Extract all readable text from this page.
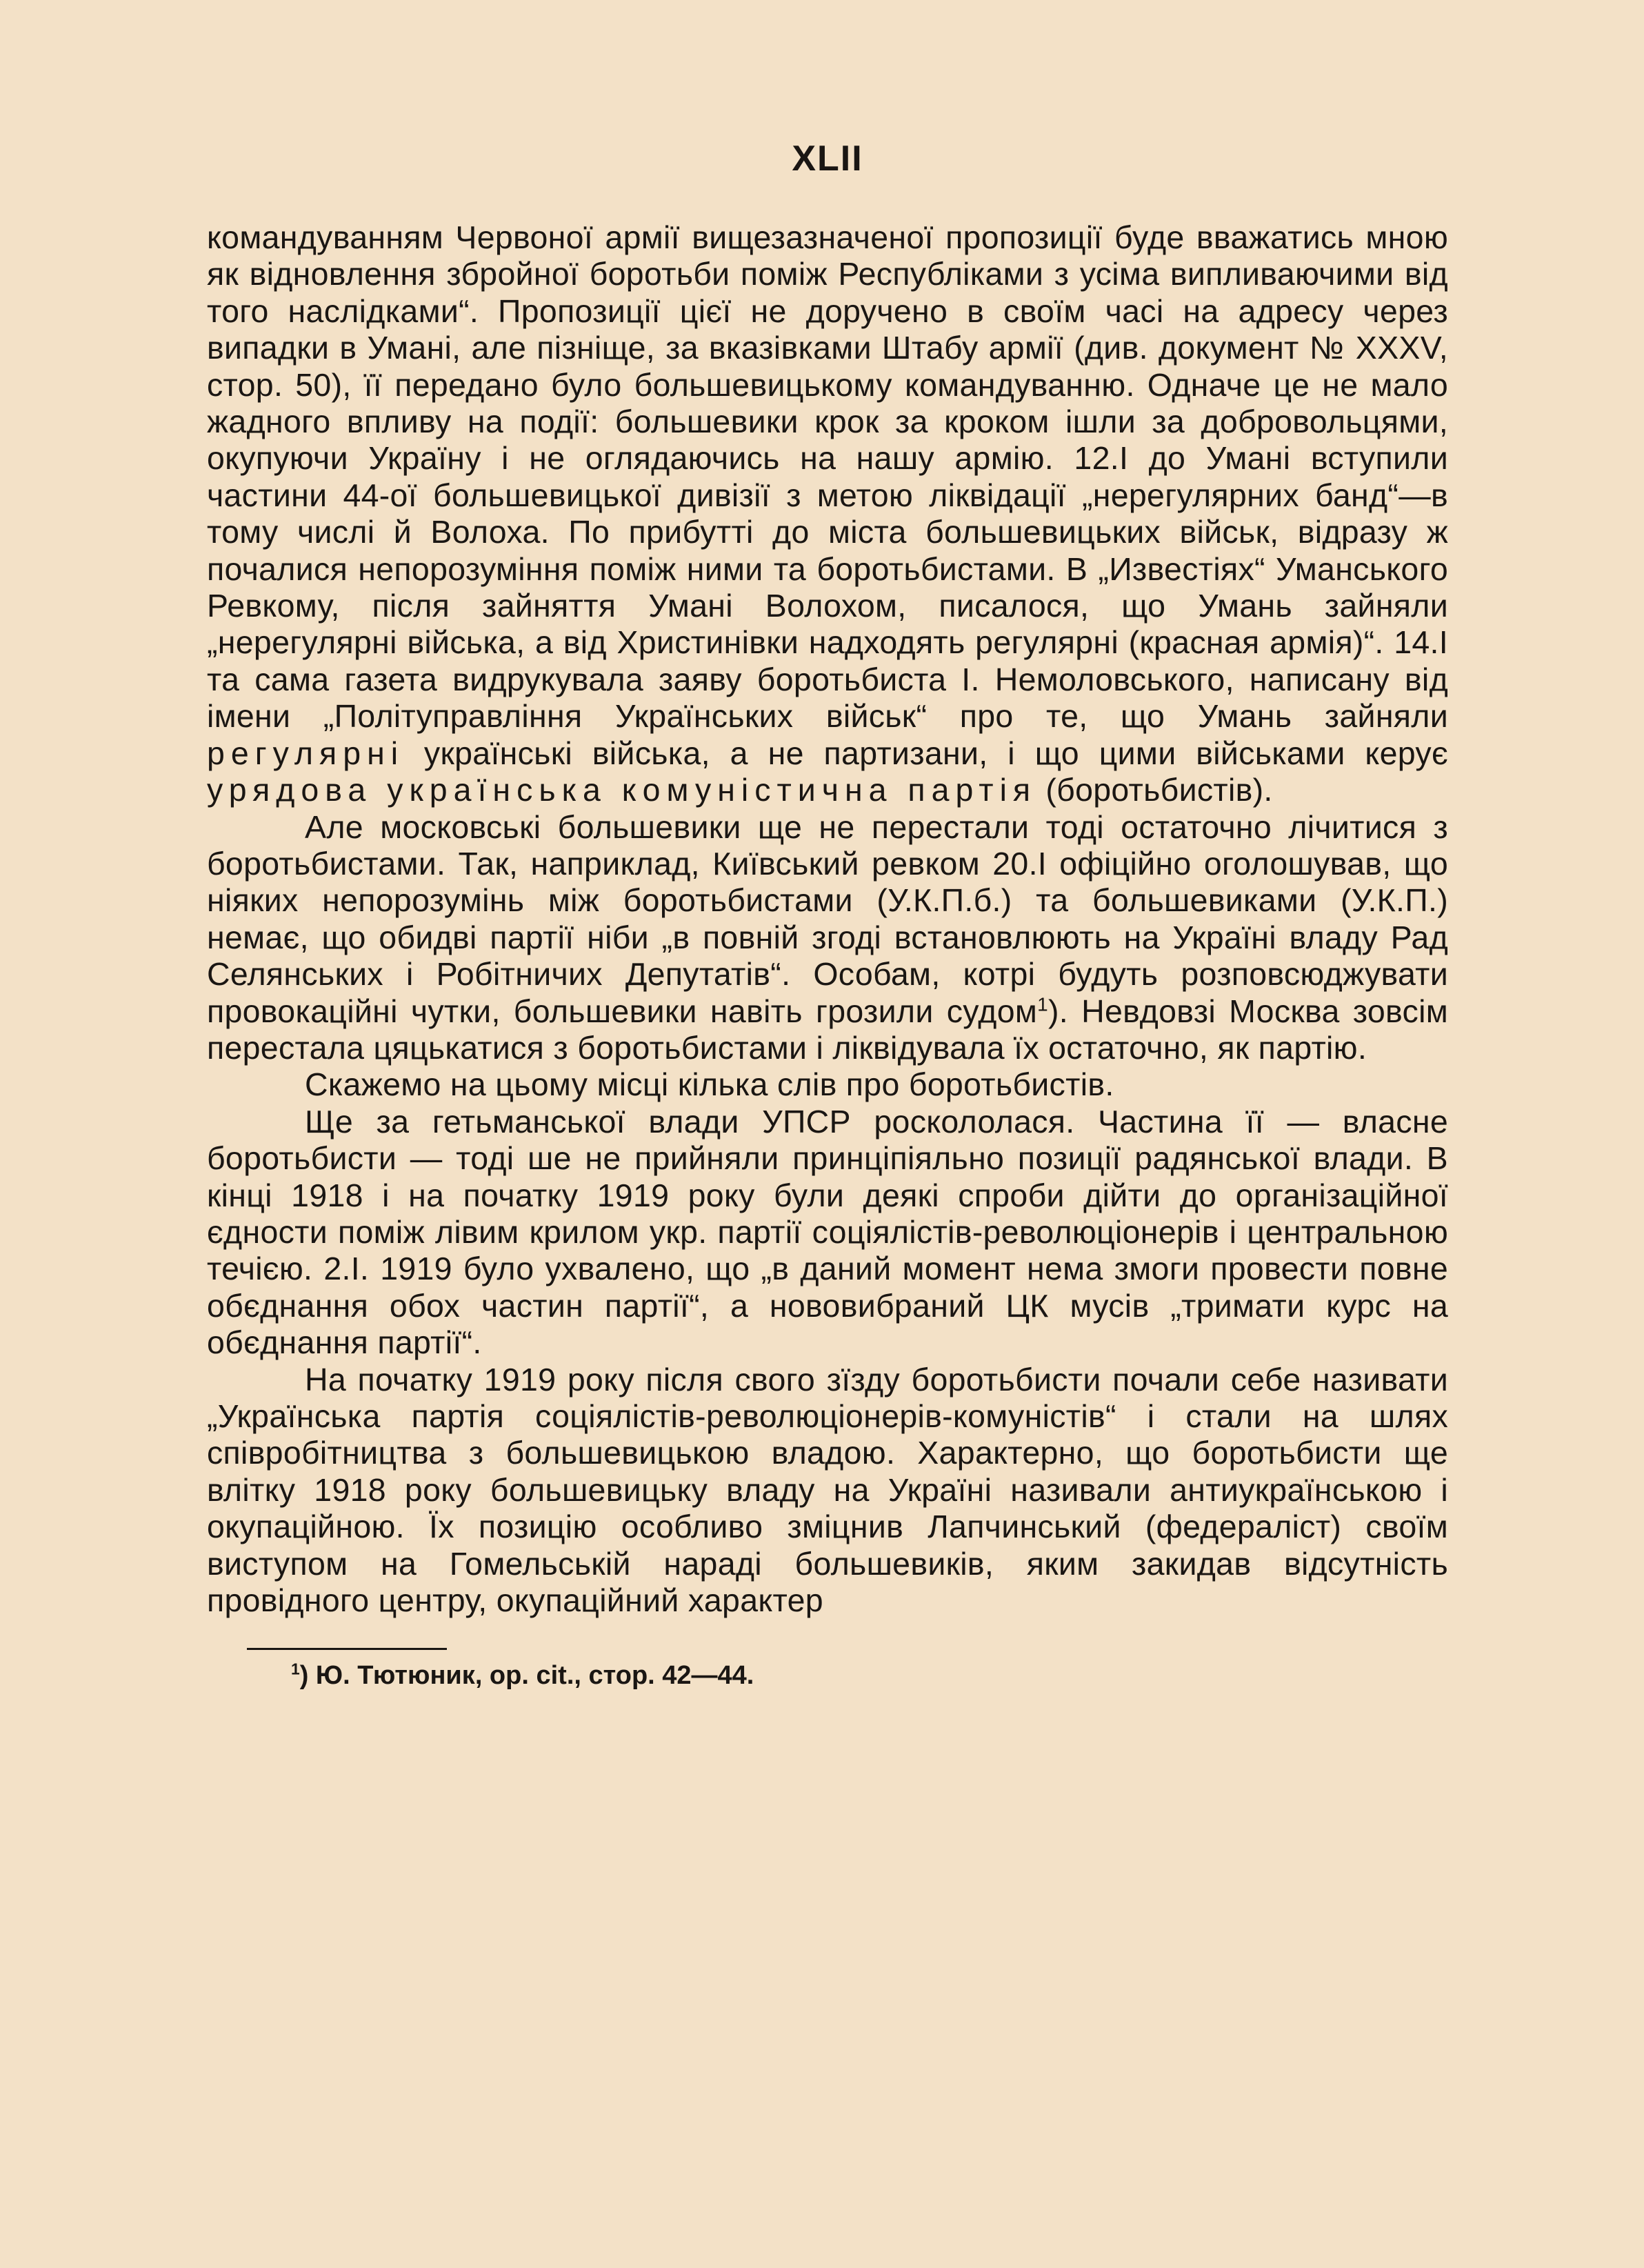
XLII

командуванням Червоної армії вищезазначеної пропозиції буде вважатись мною як відновлення збройної боротьби поміж Республіками з усіма випливаючими від того наслідками“. Пропозиції цієї не доручено в своїм часі на адресу через випадки в Умані, але пізніще, за вказівками Штабу армії (див. документ № XXXV, стор. 50), її передано було большевицькому командуванню. Одначе це не мало жадного впливу на події: большевики крок за кроком ішли за добровольцями, окупуючи Україну і не оглядаючись на нашу армію. 12.І до Умані вступили частини 44-ої большевицької дивізії з метою ліквідації „нерегулярних банд“—в тому числі й Волоха. По прибутті до міста большевицьких військ, відразу ж почалися непорозуміння поміж ними та боротьбистами. В „Известіях“ Уманського Ревкому, після зайняття Умані Волохом, писалося, що Умань зайняли „нерегулярні війська, а від Христинівки надходять регулярні (красная армія)“. 14.І та сама газета видрукувала заяву боротьбиста І. Немоловського, написану від імени „Політуправління Українських військ“ про те, що Умань зайняли регулярні українські війська, а не партизани, і що цими військами керує урядова українська комуністична партія (боротьбистів).

Але московські большевики ще не перестали тоді остаточно лічитися з боротьбистами. Так, наприклад, Київський ревком 20.І офіційно оголошував, що ніяких непорозумінь між боротьбистами (У.К.П.б.) та большевиками (У.К.П.) немає, що обидві партії ніби „в повній згоді встановлюють на Україні владу Рад Селянських і Робітничих Депутатів“. Особам, котрі будуть розповсюджувати провокаційні чутки, большевики навіть грозили судом$^1$). Невдовзі Москва зовсім перестала цяцькатися з боротьбистами і ліквідувала їх остаточно, як партію.

Скажемо на цьому місці кілька слів про боротьбистів.

Ще за гетьманської влади УПСР роскололася. Частина її — власне боротьбисти — тоді ше не прийняли принціпіяльно позиції радянської влади. В кінці 1918 і на початку 1919 року були деякі спроби дійти до організаційної єдности поміж лівим крилом укр. партії соціялістів-революціонерів і центральною течією. 2.І. 1919 було ухвалено, що „в даний момент нема змоги провести повне обєднання обох частин партії“, а нововибраний ЦК мусів „тримати курс на обєднання партії“.

На початку 1919 року після свого зїзду боротьбисти почали себе називати „Українська партія соціялістів-революціонерів-комуністів“ і стали на шлях співробітництва з большевицькою владою. Характерно, що боротьбисти ще влітку 1918 року большевицьку владу на Україні називали антиукраїнською і окупаційною. Їх позицію особливо зміцнив Лапчинський (федераліст) своїм виступом на Гомельській нараді большевиків, яким закидав відсутність провідного центру, окупаційний характер

$^1$) Ю. Тютюник, ор. cit., стор. 42—44.
